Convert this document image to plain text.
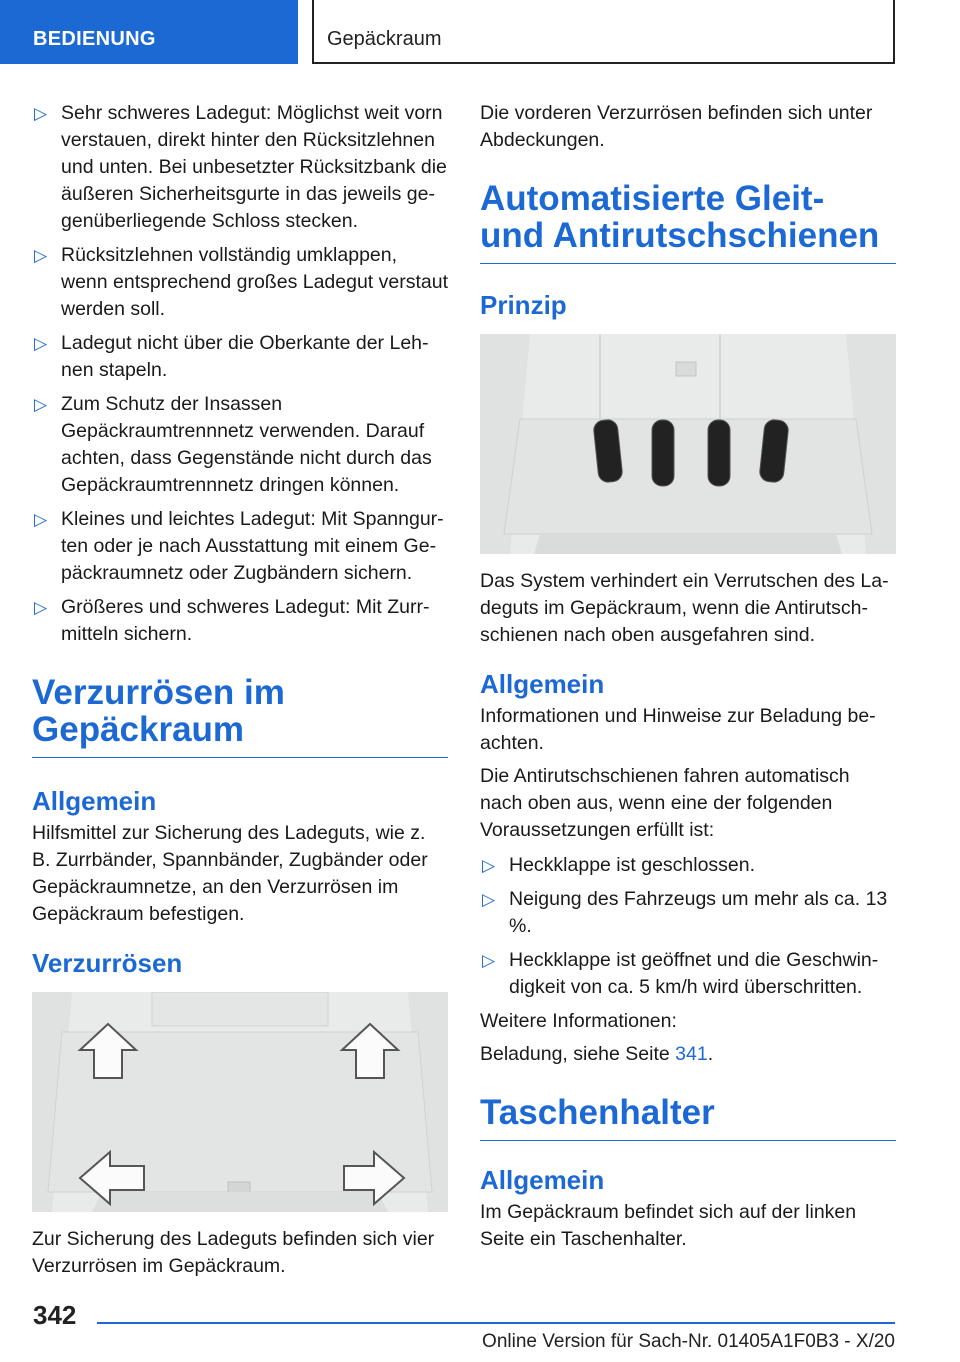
BEDIENUNG	Gepäckraum
▷ Sehr schweres Ladegut: Möglichst weit vorn verstauen, direkt hinter den Rücksitzlehnen und unten. Bei unbesetzter Rücksitzbank die äußeren Sicherheitsgurte in das jeweils gegenüberliegende Schloss stecken.
▷ Rücksitzlehnen vollständig umklappen, wenn entsprechend großes Ladegut verstaut werden soll.
▷ Ladegut nicht über die Oberkante der Lehnen stapeln.
▷ Zum Schutz der Insassen Gepäckraumtrennnetz verwenden. Darauf achten, dass Gegenstände nicht durch das Gepäckraumtrennnetz dringen können.
▷ Kleines und leichtes Ladegut: Mit Spanngurten oder je nach Ausstattung mit einem Gepäckraumnetz oder Zugbändern sichern.
▷ Größeres und schweres Ladegut: Mit Zurrmitteln sichern.
Verzurrösen im Gepäckraum
Allgemein
Hilfsmittel zur Sicherung des Ladeguts, wie z. B. Zurrbänder, Spannbänder, Zugbänder oder Gepäckraumnetze, an den Verzurrösen im Gepäckraum befestigen.
Verzurrösen
Zur Sicherung des Ladeguts befinden sich vier Verzurrösen im Gepäckraum.
Die vorderen Verzurrösen befinden sich unter Abdeckungen.
Automatisierte Gleit- und Antirutschschienen
Prinzip
Das System verhindert ein Verrutschen des Ladeguts im Gepäckraum, wenn die Antirutschschienen nach oben ausgefahren sind.
Allgemein
Informationen und Hinweise zur Beladung beachten.
Die Antirutschschienen fahren automatisch nach oben aus, wenn eine der folgenden Voraussetzungen erfüllt ist:
▷ Heckklappe ist geschlossen.
▷ Neigung des Fahrzeugs um mehr als ca. 13 %.
▷ Heckklappe ist geöffnet und die Geschwindigkeit von ca. 5 km/h wird überschritten.
Weitere Informationen:
Beladung, siehe Seite 341.
Taschenhalter
Allgemein
Im Gepäckraum befindet sich auf der linken Seite ein Taschenhalter.
342
Online Version für Sach-Nr. 01405A1F0B3 - X/20
